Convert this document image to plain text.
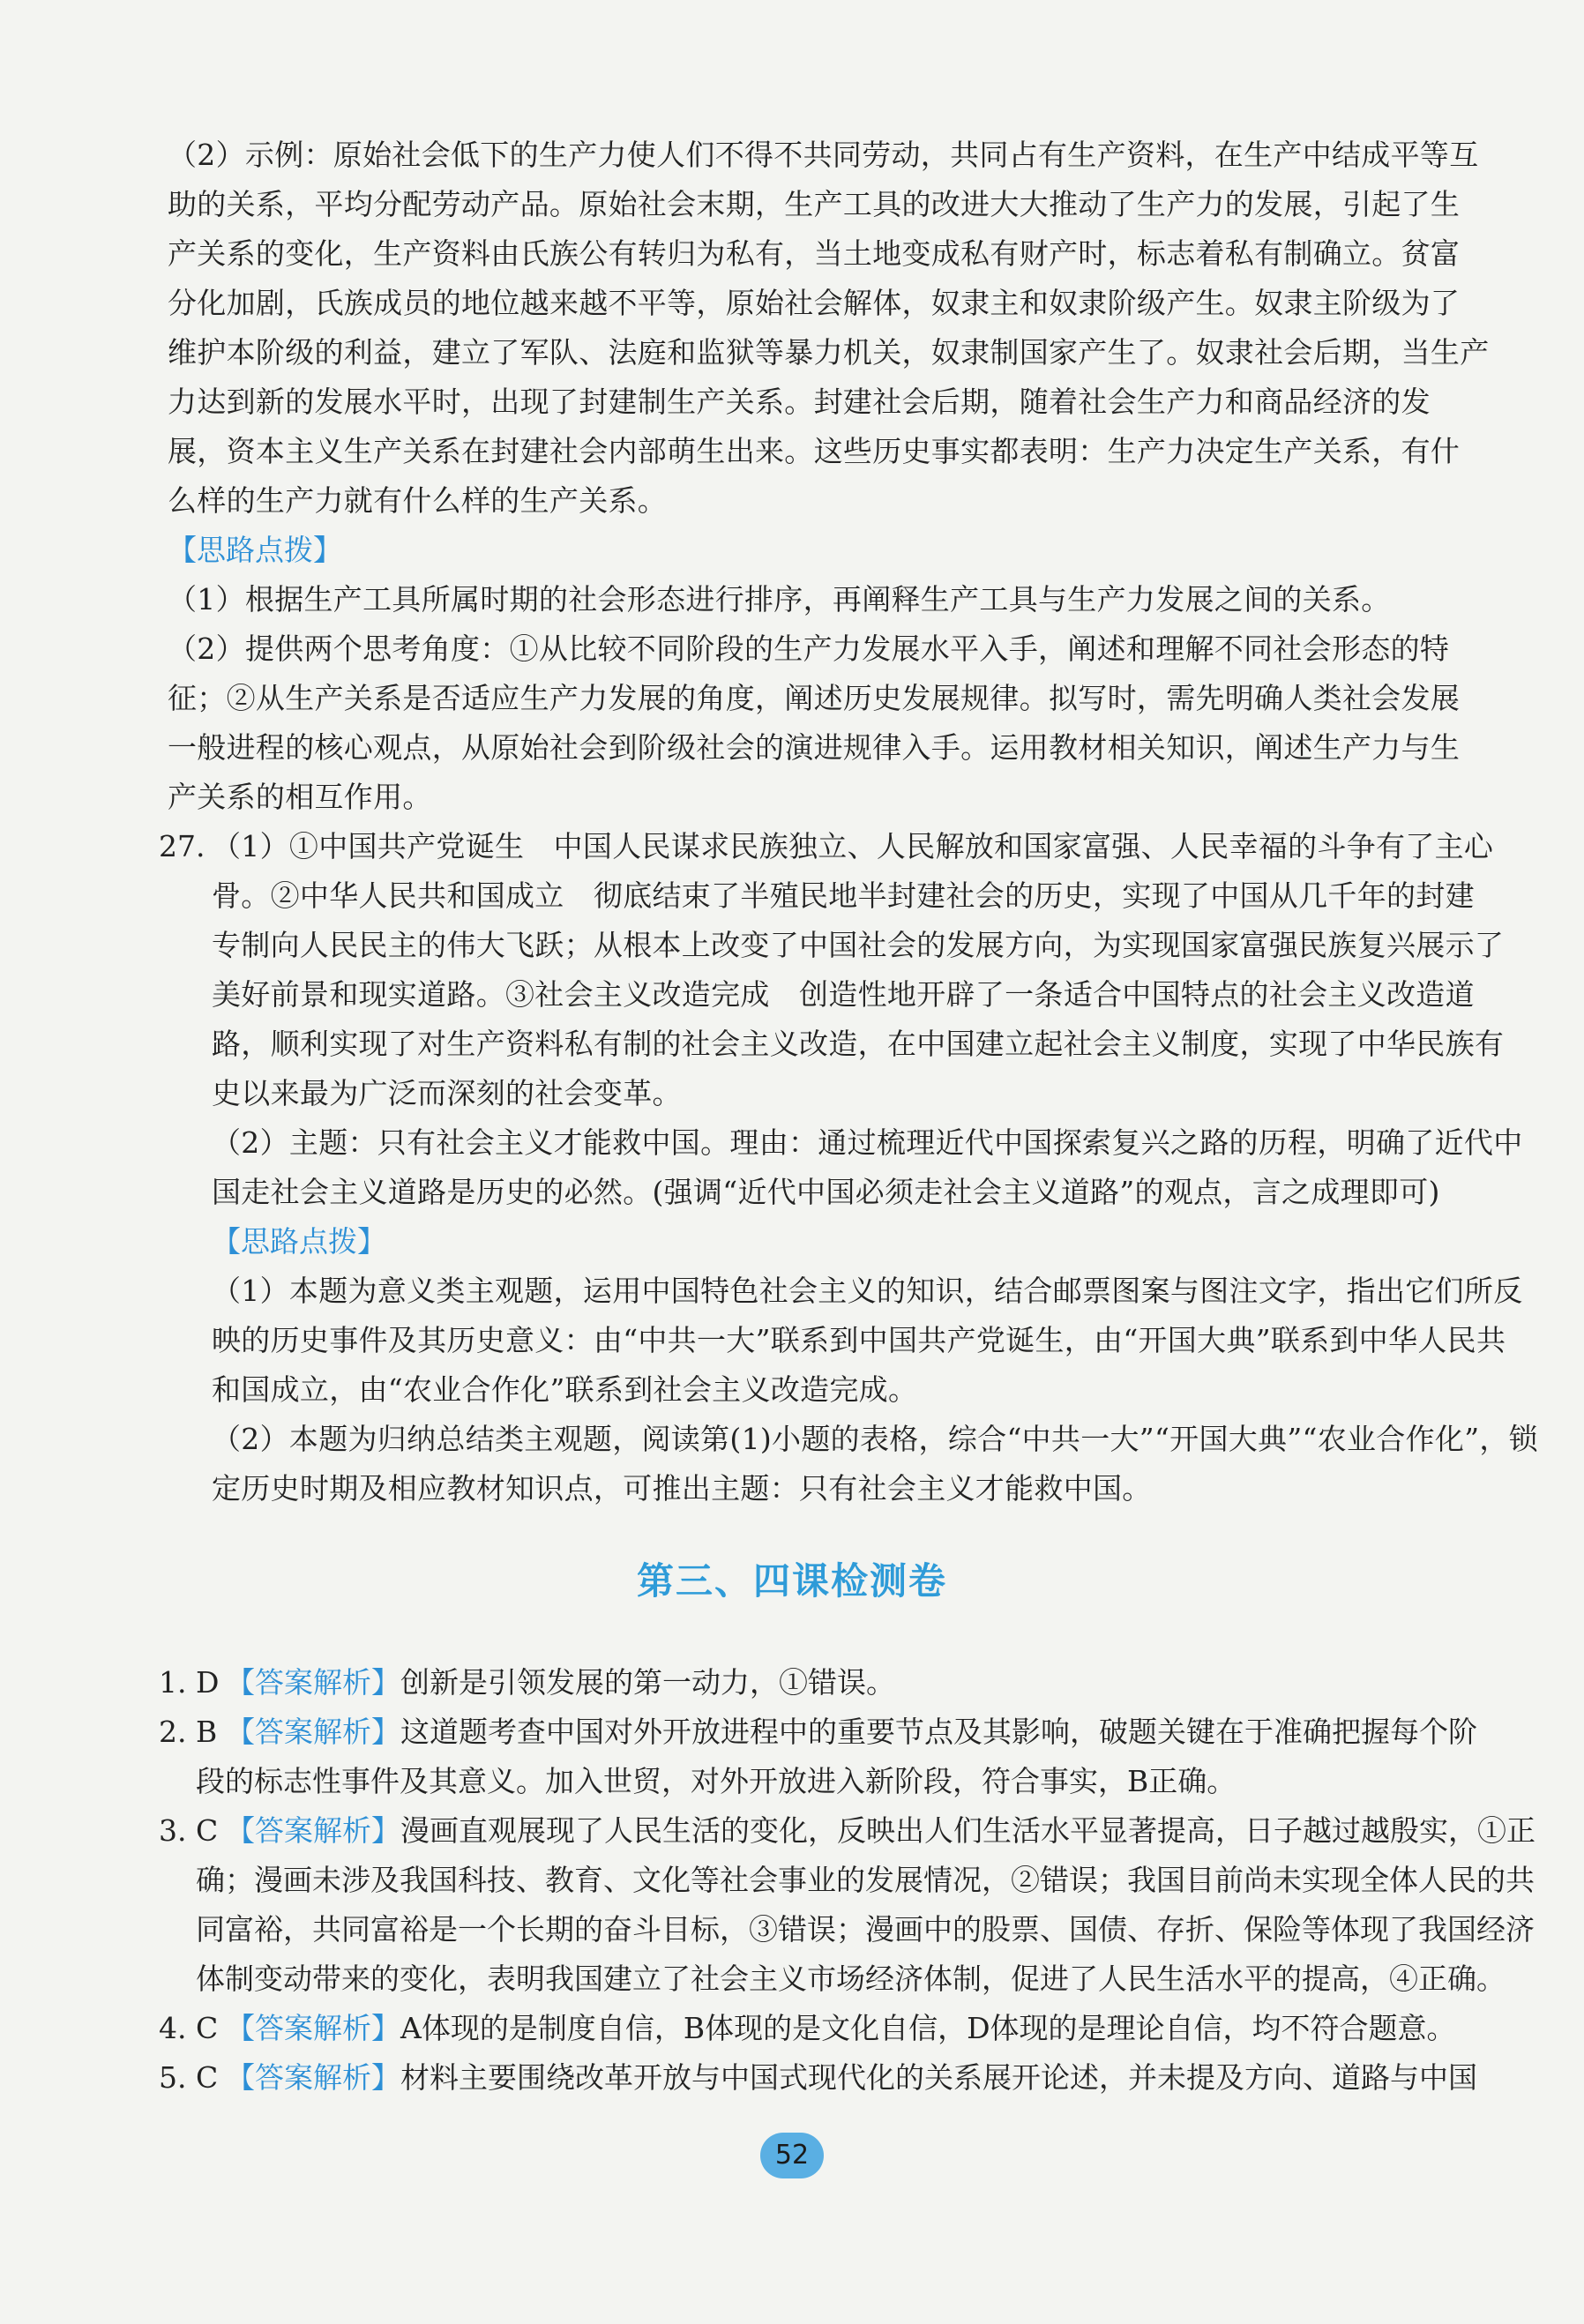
（2）示例：原始社会低下的生产力使人们不得不共同劳动，共同占有生产资料，在生产中结成平等互
助的关系，平均分配劳动产品。原始社会末期，生产工具的改进大大推动了生产力的发展，引起了生
产关系的变化，生产资料由氏族公有转归为私有，当土地变成私有财产时，标志着私有制确立。贫富
分化加剧，氏族成员的地位越来越不平等，原始社会解体，奴隶主和奴隶阶级产生。奴隶主阶级为了
维护本阶级的利益，建立了军队、法庭和监狱等暴力机关，奴隶制国家产生了。奴隶社会后期，当生产
力达到新的发展水平时，出现了封建制生产关系。封建社会后期，随着社会生产力和商品经济的发
展，资本主义生产关系在封建社会内部萌生出来。这些历史事实都表明：生产力决定生产关系，有什
么样的生产力就有什么样的生产关系。
【思路点拨】
（1）根据生产工具所属时期的社会形态进行排序，再阐释生产工具与生产力发展之间的关系。
（2）提供两个思考角度：①从比较不同阶段的生产力发展水平入手，阐述和理解不同社会形态的特
征；②从生产关系是否适应生产力发展的角度，阐述历史发展规律。拟写时，需先明确人类社会发展
一般进程的核心观点，从原始社会到阶级社会的演进规律入手。运用教材相关知识，阐述生产力与生
产关系的相互作用。
27. （1）①中国共产党诞生　中国人民谋求民族独立、人民解放和国家富强、人民幸福的斗争有了主心
骨。②中华人民共和国成立　彻底结束了半殖民地半封建社会的历史，实现了中国从几千年的封建
专制向人民民主的伟大飞跃；从根本上改变了中国社会的发展方向，为实现国家富强民族复兴展示了
美好前景和现实道路。③社会主义改造完成　创造性地开辟了一条适合中国特点的社会主义改造道
路，顺利实现了对生产资料私有制的社会主义改造，在中国建立起社会主义制度，实现了中华民族有
史以来最为广泛而深刻的社会变革。
（2）主题：只有社会主义才能救中国。理由：通过梳理近代中国探索复兴之路的历程，明确了近代中
国走社会主义道路是历史的必然。(强调“近代中国必须走社会主义道路”的观点，言之成理即可)
【思路点拨】
（1）本题为意义类主观题，运用中国特色社会主义的知识，结合邮票图案与图注文字，指出它们所反
映的历史事件及其历史意义：由“中共一大”联系到中国共产党诞生，由“开国大典”联系到中华人民共
和国成立，由“农业合作化”联系到社会主义改造完成。
（2）本题为归纳总结类主观题，阅读第(1)小题的表格，综合“中共一大”“开国大典”“农业合作化”，锁
定历史时期及相应教材知识点，可推出主题：只有社会主义才能救中国。
第三、四课检测卷
1. D 【答案解析】创新是引领发展的第一动力，①错误。
2. B 【答案解析】这道题考查中国对外开放进程中的重要节点及其影响，破题关键在于准确把握每个阶
段的标志性事件及其意义。加入世贸，对外开放进入新阶段，符合事实，B正确。
3. C 【答案解析】漫画直观展现了人民生活的变化，反映出人们生活水平显著提高，日子越过越殷实，①正
确；漫画未涉及我国科技、教育、文化等社会事业的发展情况，②错误；我国目前尚未实现全体人民的共
同富裕，共同富裕是一个长期的奋斗目标，③错误；漫画中的股票、国债、存折、保险等体现了我国经济
体制变动带来的变化，表明我国建立了社会主义市场经济体制，促进了人民生活水平的提高，④正确。
4. C 【答案解析】A体现的是制度自信，B体现的是文化自信，D体现的是理论自信，均不符合题意。
5. C 【答案解析】材料主要围绕改革开放与中国式现代化的关系展开论述，并未提及方向、道路与中国
52
